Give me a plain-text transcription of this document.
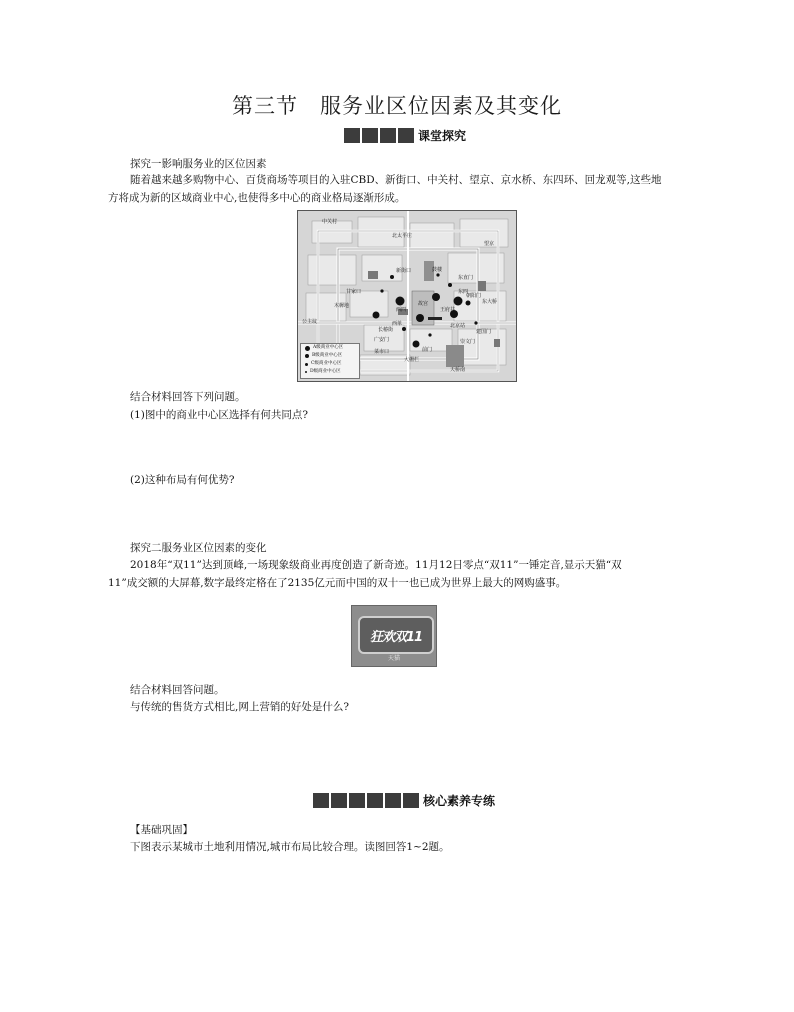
第三节　服务业区位因素及其变化
课堂探究
探究一影响服务业的区位因素

随着越来越多购物中心、百货商场等项目的入驻CBD、新街口、中关村、望京、京水桥、东四环、回龙观等,这些地

方将成为新的区域商业中心,也使得多中心的商业格局逐渐形成。

中关村
北太平庄
新街口	鼓楼
东直门
甘家口
西四
故宫
东四
王府井
朝阳门
东大桥
公主坟	西单
长椿街
北京站
建国门
广安门
前门
崇文门
大栅栏
菜市口
天桥南
木樨地
望京
A级商业中心区
B级商业中心区
C级商业中心区
D级商业中心区
结合材料回答下列问题。
(1)图中的商业中心区选择有何共同点?
(2)这种布局有何优势?
探究二服务业区位因素的变化

2018年“双11”达到顶峰,一场现象级商业再度创造了新奇迹。11月12日零点“双11”一锤定音,显示天猫“双

11”成交额的大屏幕,数字最终定格在了2135亿元而中国的双十一也已成为世界上最大的网购盛事。

狂欢双11
天猫
结合材料回答问题。
与传统的售货方式相比,网上营销的好处是什么?
核心素养专练
【基础巩固】
下图表示某城市土地利用情况,城市布局比较合理。读图回答1~2题。
